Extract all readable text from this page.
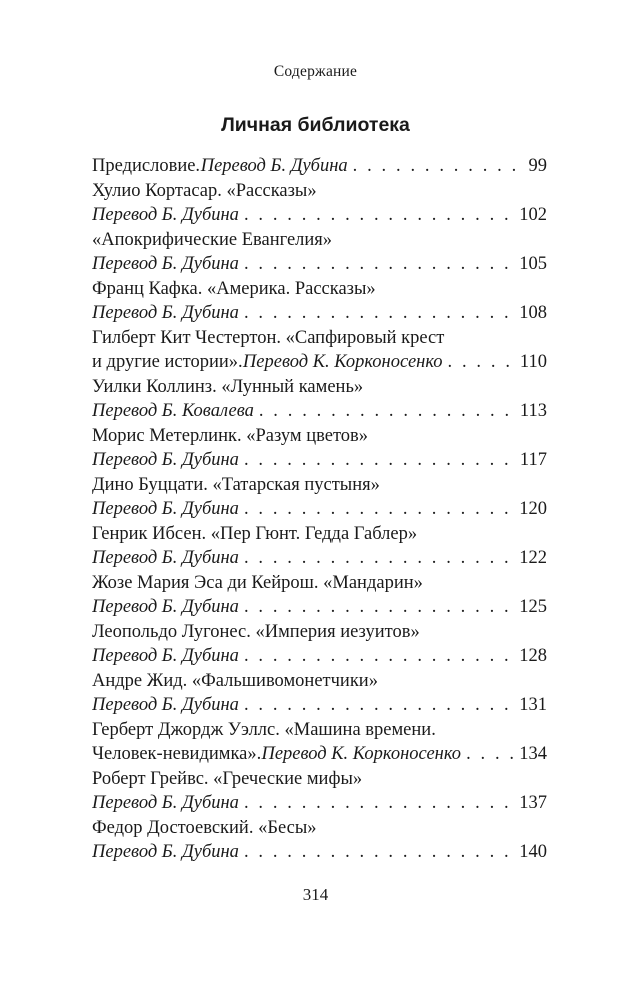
Содержание
Личная библиотека
Предисловие. Перевод Б. Дубина . . .	99
Хулио Кортасар. «Рассказы»
Перевод Б. Дубина . . .	102
«Апокрифические Евангелия»
Перевод Б. Дубина . . .	105
Франц Кафка. «Америка. Рассказы»
Перевод Б. Дубина . . .	108
Гилберт Кит Честертон. «Сапфировый крест
и другие истории». Перевод К. Корконосенко . . .	110
Уилки Коллинз. «Лунный камень»
Перевод Б. Ковалева . . .	113
Морис Метерлинк. «Разум цветов»
Перевод Б. Дубина . . .	117
Дино Буццати. «Татарская пустыня»
Перевод Б. Дубина . . .	120
Генрик Ибсен. «Пер Гюнт. Гедда Габлер»
Перевод Б. Дубина . . .	122
Жозе Мария Эса ди Кейрош. «Мандарин»
Перевод Б. Дубина . . .	125
Леопольдо Лугонес. «Империя иезуитов»
Перевод Б. Дубина . . .	128
Андре Жид. «Фальшивомонетчики»
Перевод Б. Дубина . . .	131
Герберт Джордж Уэллс. «Машина времени.
Человек-невидимка». Перевод К. Корконосенко . . .	134
Роберт Грейвс. «Греческие мифы»
Перевод Б. Дубина . . .	137
Федор Достоевский. «Бесы»
Перевод Б. Дубина . . .	140
314
